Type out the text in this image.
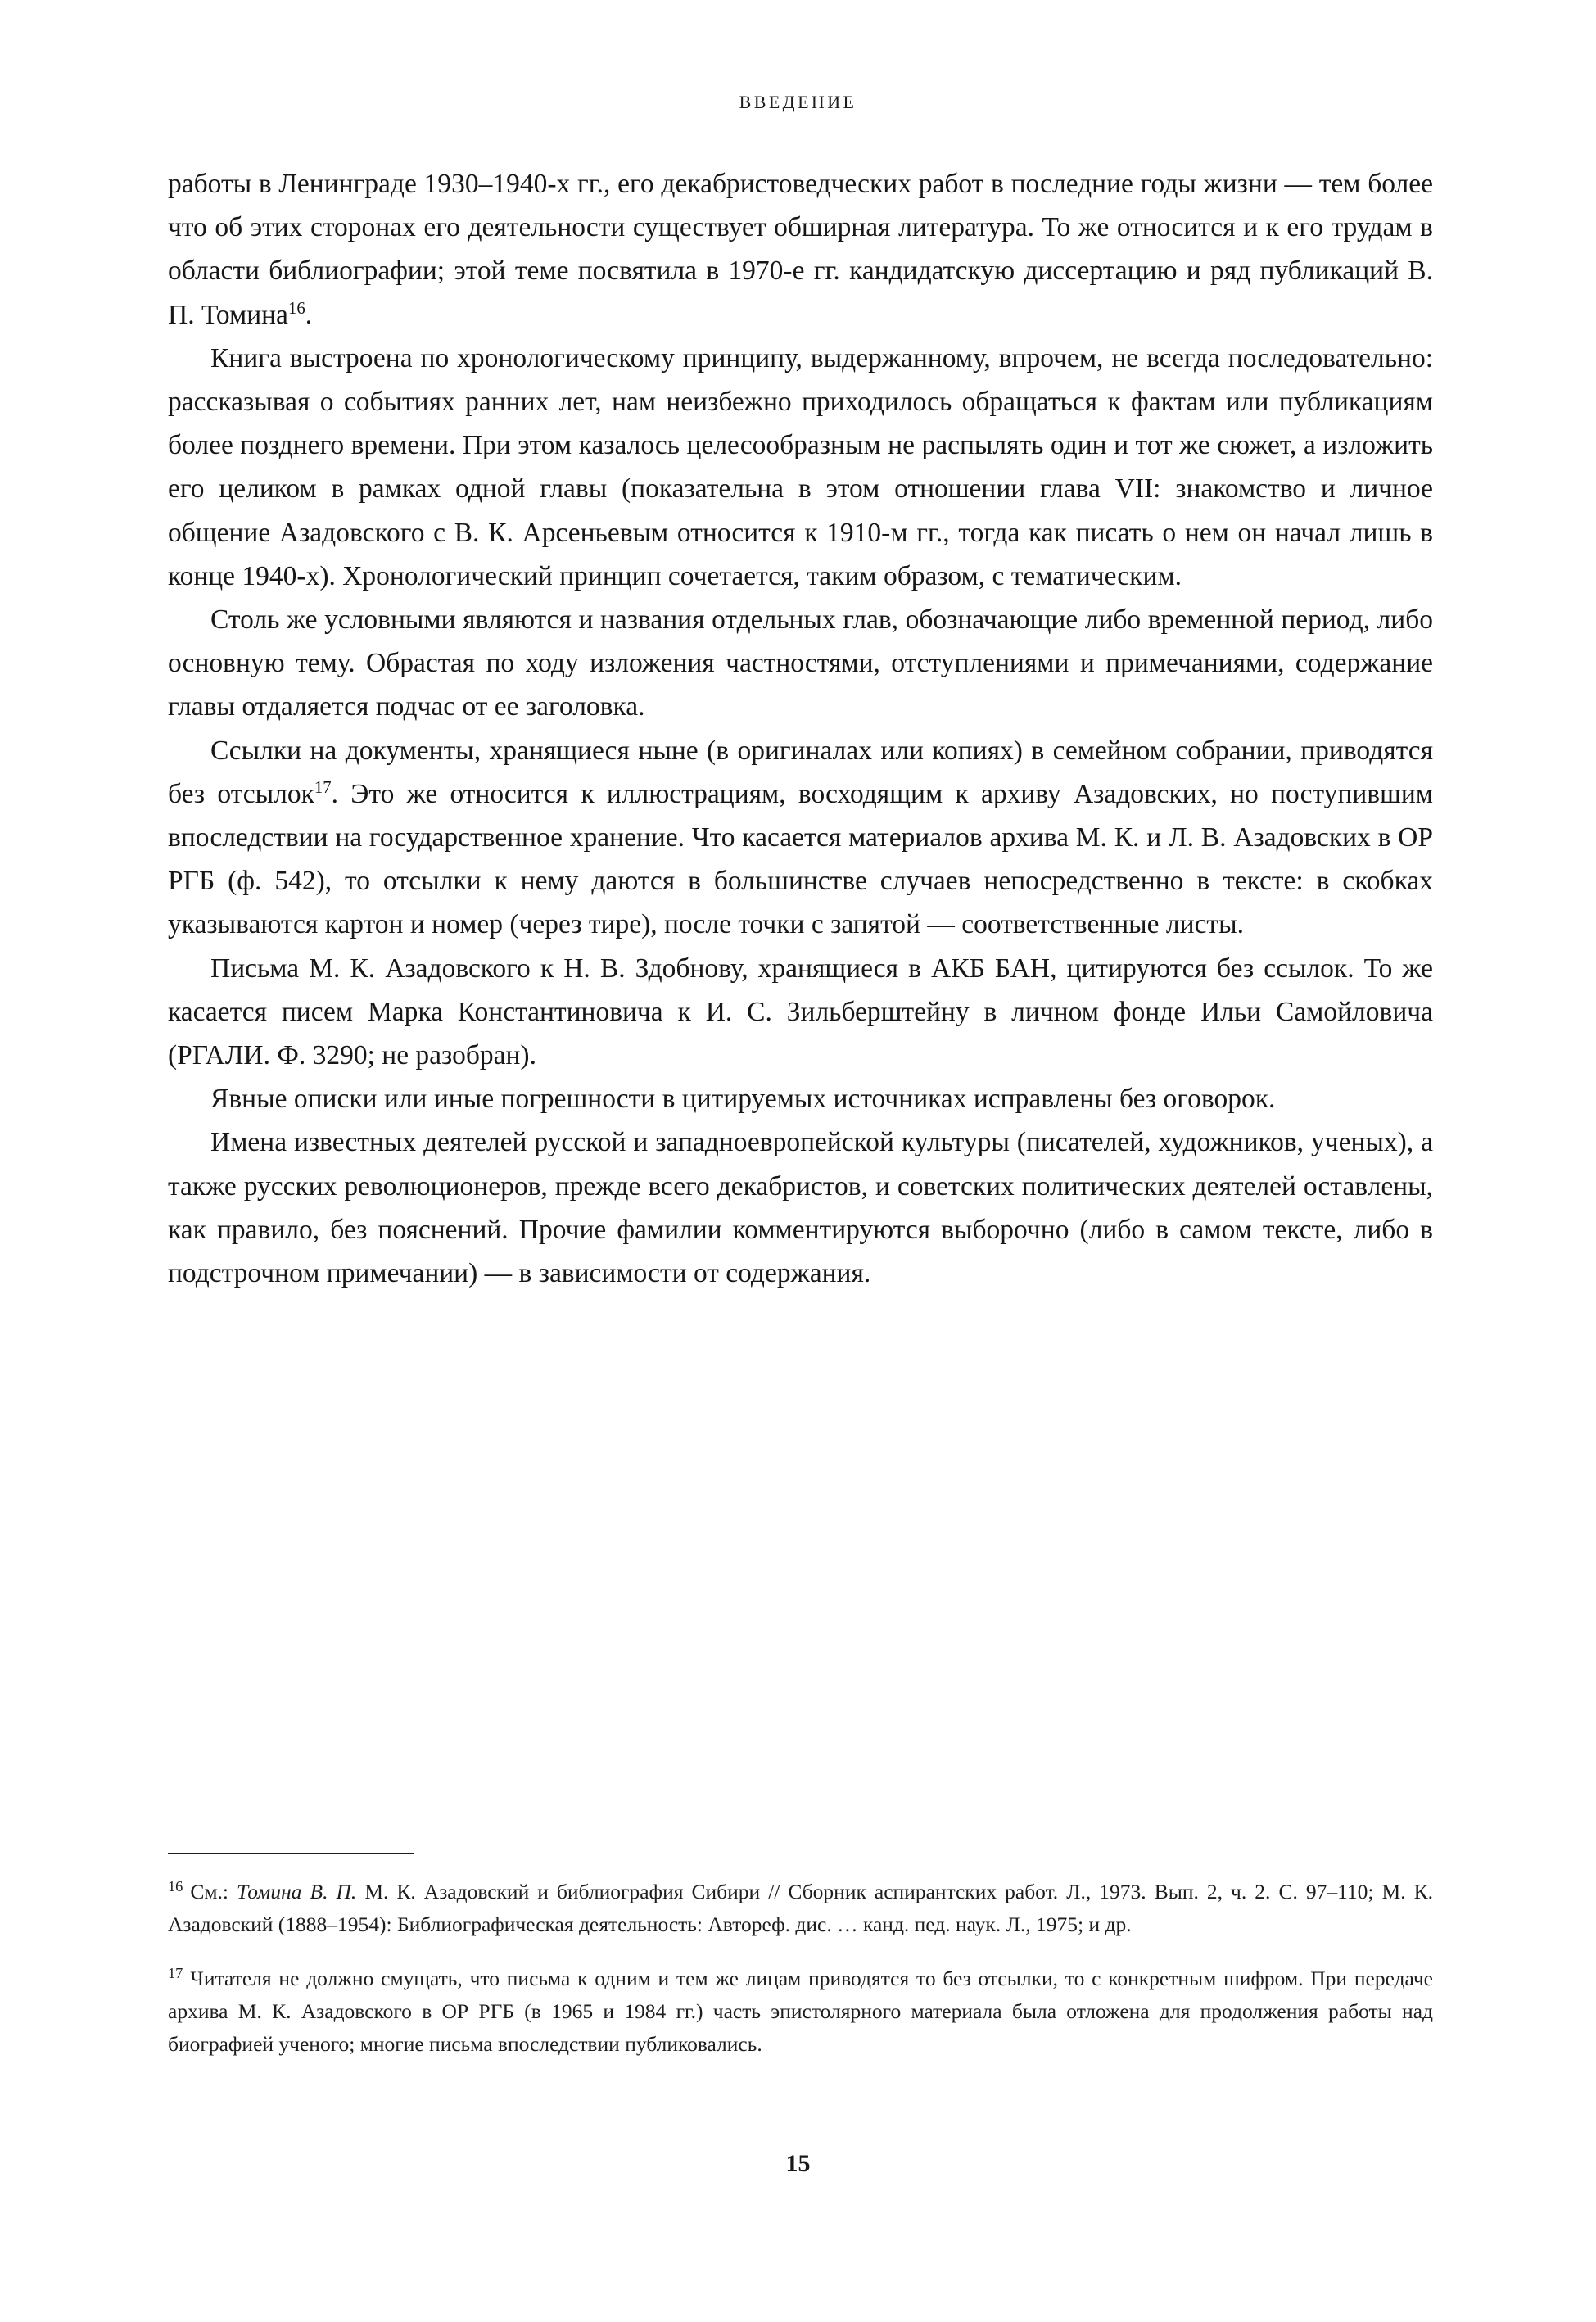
ВВЕДЕНИЕ

работы в Ленинграде 1930–1940-х гг., его декабристоведческих работ в последние годы жизни — тем более что об этих сторонах его деятельности существует обширная литература. То же относится и к его трудам в области библиографии; этой теме посвятила в 1970-е гг. кандидатскую диссертацию и ряд публикаций В. П. Томина$^{16}$.

Книга выстроена по хронологическому принципу, выдержанному, впрочем, не всегда последовательно: рассказывая о событиях ранних лет, нам неизбежно приходилось обращаться к фактам или публикациям более позднего времени. При этом казалось целесообразным не распылять один и тот же сюжет, а изложить его целиком в рамках одной главы (показательна в этом отношении глава VII: знакомство и личное общение Азадовского с В. К. Арсеньевым относится к 1910-м гг., тогда как писать о нем он начал лишь в конце 1940-х). Хронологический принцип сочетается, таким образом, с тематическим.

Столь же условными являются и названия отдельных глав, обозначающие либо временной период, либо основную тему. Обрастая по ходу изложения частностями, отступлениями и примечаниями, содержание главы отдаляется подчас от ее заголовка.

Ссылки на документы, хранящиеся ныне (в оригиналах или копиях) в семейном собрании, приводятся без отсылок$^{17}$. Это же относится к иллюстрациям, восходящим к архиву Азадовских, но поступившим впоследствии на государственное хранение. Что касается материалов архива М. К. и Л. В. Азадовских в ОР РГБ (ф. 542), то отсылки к нему даются в большинстве случаев непосредственно в тексте: в скобках указываются картон и номер (через тире), после точки с запятой — соответственные листы.

Письма М. К. Азадовского к Н. В. Здобнову, хранящиеся в АКБ БАН, цитируются без ссылок. То же касается писем Марка Константиновича к И. С. Зильберштейну в личном фонде Ильи Самойловича (РГАЛИ. Ф. 3290; не разобран).

Явные описки или иные погрешности в цитируемых источниках исправлены без оговорок.

Имена известных деятелей русской и западноевропейской культуры (писателей, художников, ученых), а также русских революционеров, прежде всего декабристов, и советских политических деятелей оставлены, как правило, без пояснений. Прочие фамилии комментируются выборочно (либо в самом тексте, либо в подстрочном примечании) — в зависимости от содержания.

$^{16}$ См.: Томина В. П. М. К. Азадовский и библиография Сибири // Сборник аспирантских работ. Л., 1973. Вып. 2, ч. 2. С. 97–110; М. К. Азадовский (1888–1954): Библиографическая деятельность: Автореф. дис. … канд. пед. наук. Л., 1975; и др.

$^{17}$ Читателя не должно смущать, что письма к одним и тем же лицам приводятся то без отсылки, то с конкретным шифром. При передаче архива М. К. Азадовского в ОР РГБ (в 1965 и 1984 гг.) часть эпистолярного материала была отложена для продолжения работы над биографией ученого; многие письма впоследствии публиковались.

15
